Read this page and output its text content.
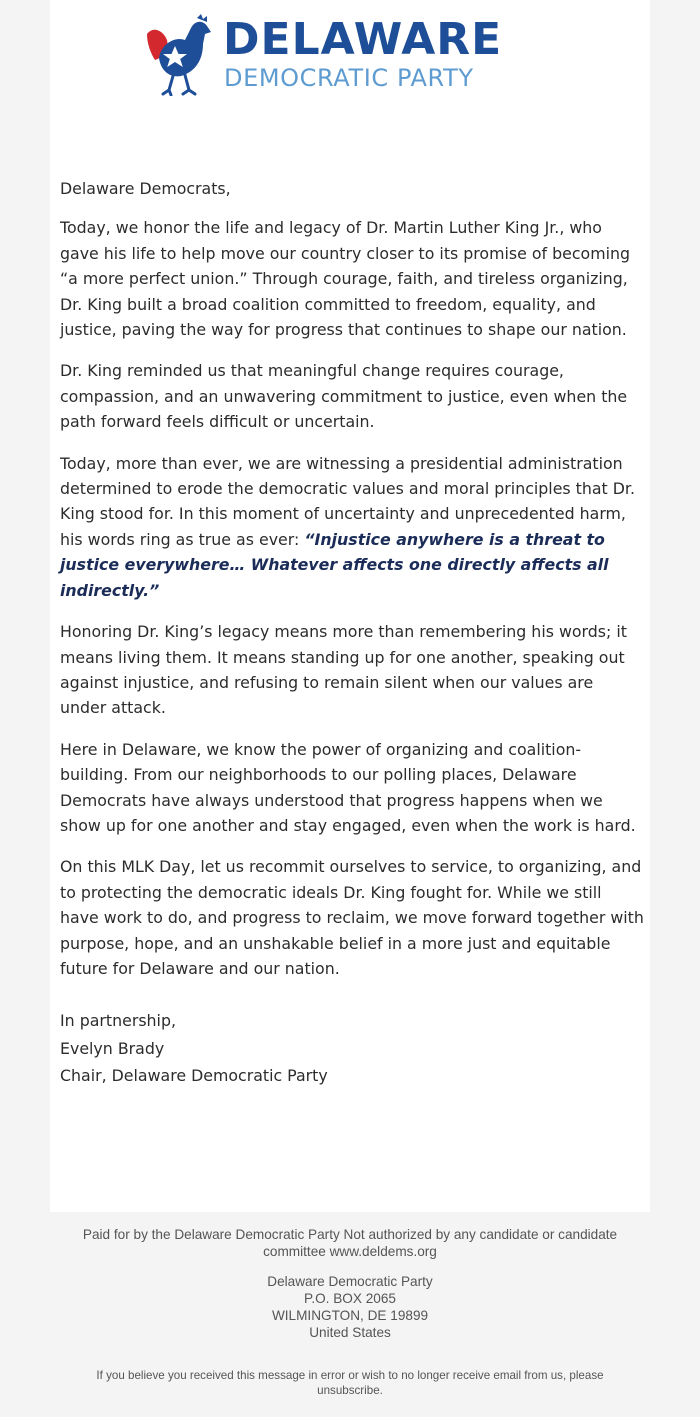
DELAWARE
DEMOCRATIC PARTY

Delaware Democrats,

Today, we honor the life and legacy of Dr. Martin Luther King Jr., who gave his life to help move our country closer to its promise of becoming “a more perfect union.” Through courage, faith, and tireless organizing, Dr. King built a broad coalition committed to freedom, equality, and justice, paving the way for progress that continues to shape our nation.

Dr. King reminded us that meaningful change requires courage, compassion, and an unwavering commitment to justice, even when the path forward feels difficult or uncertain.

Today, more than ever, we are witnessing a presidential administration determined to erode the democratic values and moral principles that Dr. King stood for. In this moment of uncertainty and unprecedented harm, his words ring as true as ever: “Injustice anywhere is a threat to justice everywhere… Whatever affects one directly affects all indirectly.”

Honoring Dr. King’s legacy means more than remembering his words; it means living them. It means standing up for one another, speaking out against injustice, and refusing to remain silent when our values are under attack.

Here in Delaware, we know the power of organizing and coalition-building. From our neighborhoods to our polling places, Delaware Democrats have always understood that progress happens when we show up for one another and stay engaged, even when the work is hard.

On this MLK Day, let us recommit ourselves to service, to organizing, and to protecting the democratic ideals Dr. King fought for. While we still have work to do, and progress to reclaim, we move forward together with purpose, hope, and an unshakable belief in a more just and equitable future for Delaware and our nation.

In partnership,
Evelyn Brady
Chair, Delaware Democratic Party
Paid for by the Delaware Democratic Party Not authorized by any candidate or candidate committee www.deldems.org
Delaware Democratic Party
P.O. BOX 2065
WILMINGTON, DE 19899
United States
If you believe you received this message in error or wish to no longer receive email from us, please unsubscribe.
